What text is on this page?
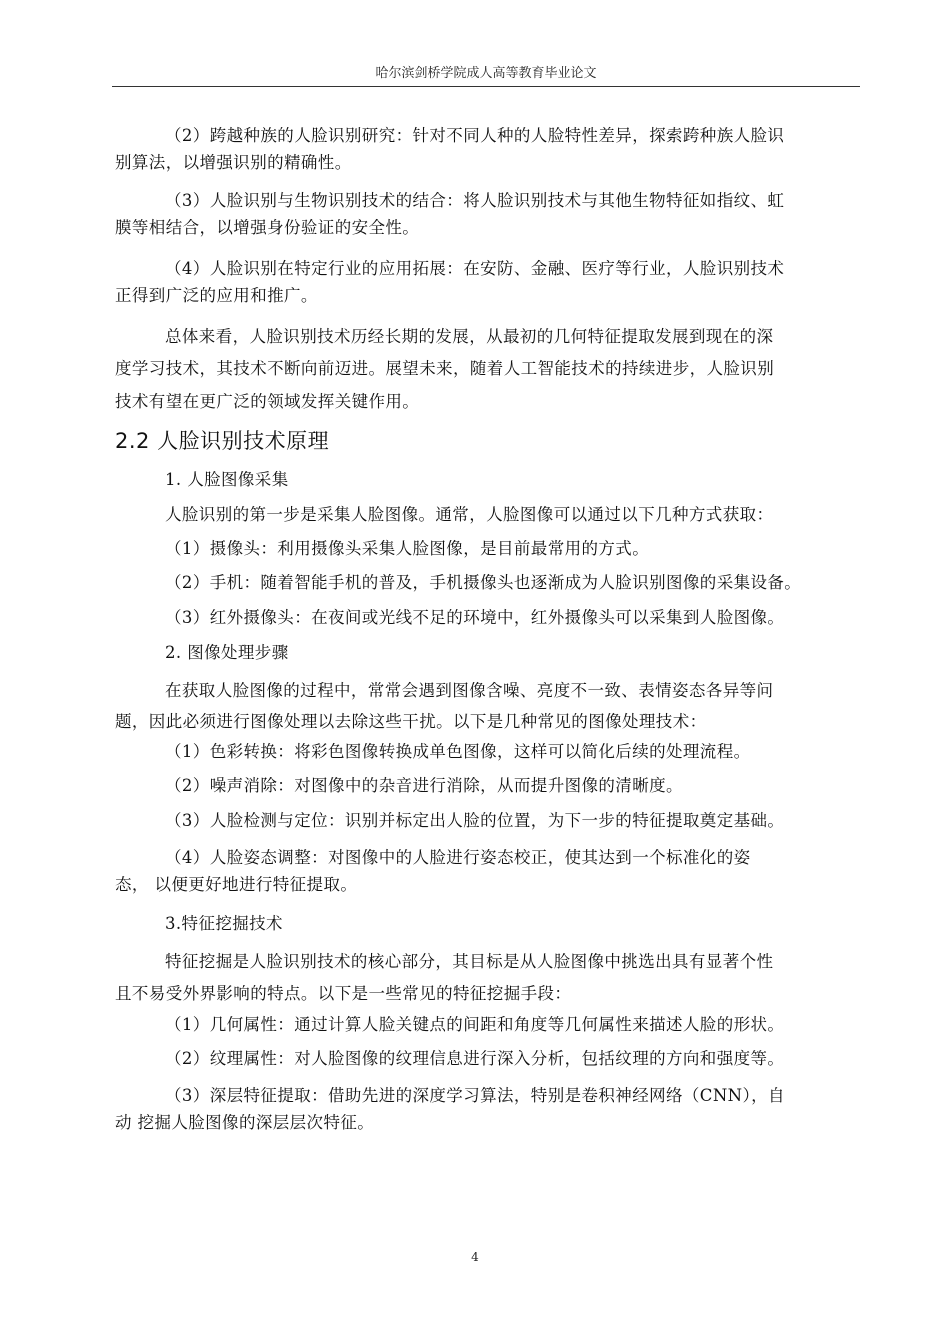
哈尔滨剑桥学院成人高等教育毕业论文
（2）跨越种族的人脸识别研究：针对不同人种的人脸特性差异，探索跨种族人脸识
别算法，以增强识别的精确性。
（3）人脸识别与生物识别技术的结合：将人脸识别技术与其他生物特征如指纹、虹
膜等相结合，以增强身份验证的安全性。
（4）人脸识别在特定行业的应用拓展：在安防、金融、医疗等行业，人脸识别技术
正得到广泛的应用和推广。
总体来看，人脸识别技术历经长期的发展，从最初的几何特征提取发展到现在的深
度学习技术，其技术不断向前迈进。展望未来，随着人工智能技术的持续进步，人脸识别
技术有望在更广泛的领域发挥关键作用。
2.2 人脸识别技术原理
1. 人脸图像采集
人脸识别的第一步是采集人脸图像。通常，人脸图像可以通过以下几种方式获取：
（1）摄像头：利用摄像头采集人脸图像，是目前最常用的方式。
（2）手机：随着智能手机的普及，手机摄像头也逐渐成为人脸识别图像的采集设备。
（3）红外摄像头：在夜间或光线不足的环境中，红外摄像头可以采集到人脸图像。
2. 图像处理步骤
在获取人脸图像的过程中，常常会遇到图像含噪、亮度不一致、表情姿态各异等问
题，因此必须进行图像处理以去除这些干扰。以下是几种常见的图像处理技术：
（1）色彩转换：将彩色图像转换成单色图像，这样可以简化后续的处理流程。
（2）噪声消除：对图像中的杂音进行消除，从而提升图像的清晰度。
（3）人脸检测与定位：识别并标定出人脸的位置，为下一步的特征提取奠定基础。
（4）人脸姿态调整：对图像中的人脸进行姿态校正，使其达到一个标准化的姿
态， 以便更好地进行特征提取。
3.特征挖掘技术
特征挖掘是人脸识别技术的核心部分，其目标是从人脸图像中挑选出具有显著个性
且不易受外界影响的特点。以下是一些常见的特征挖掘手段：
（1）几何属性：通过计算人脸关键点的间距和角度等几何属性来描述人脸的形状。
（2）纹理属性：对人脸图像的纹理信息进行深入分析，包括纹理的方向和强度等。
（3）深层特征提取：借助先进的深度学习算法，特别是卷积神经网络（CNN），自
动 挖掘人脸图像的深层层次特征。
4
